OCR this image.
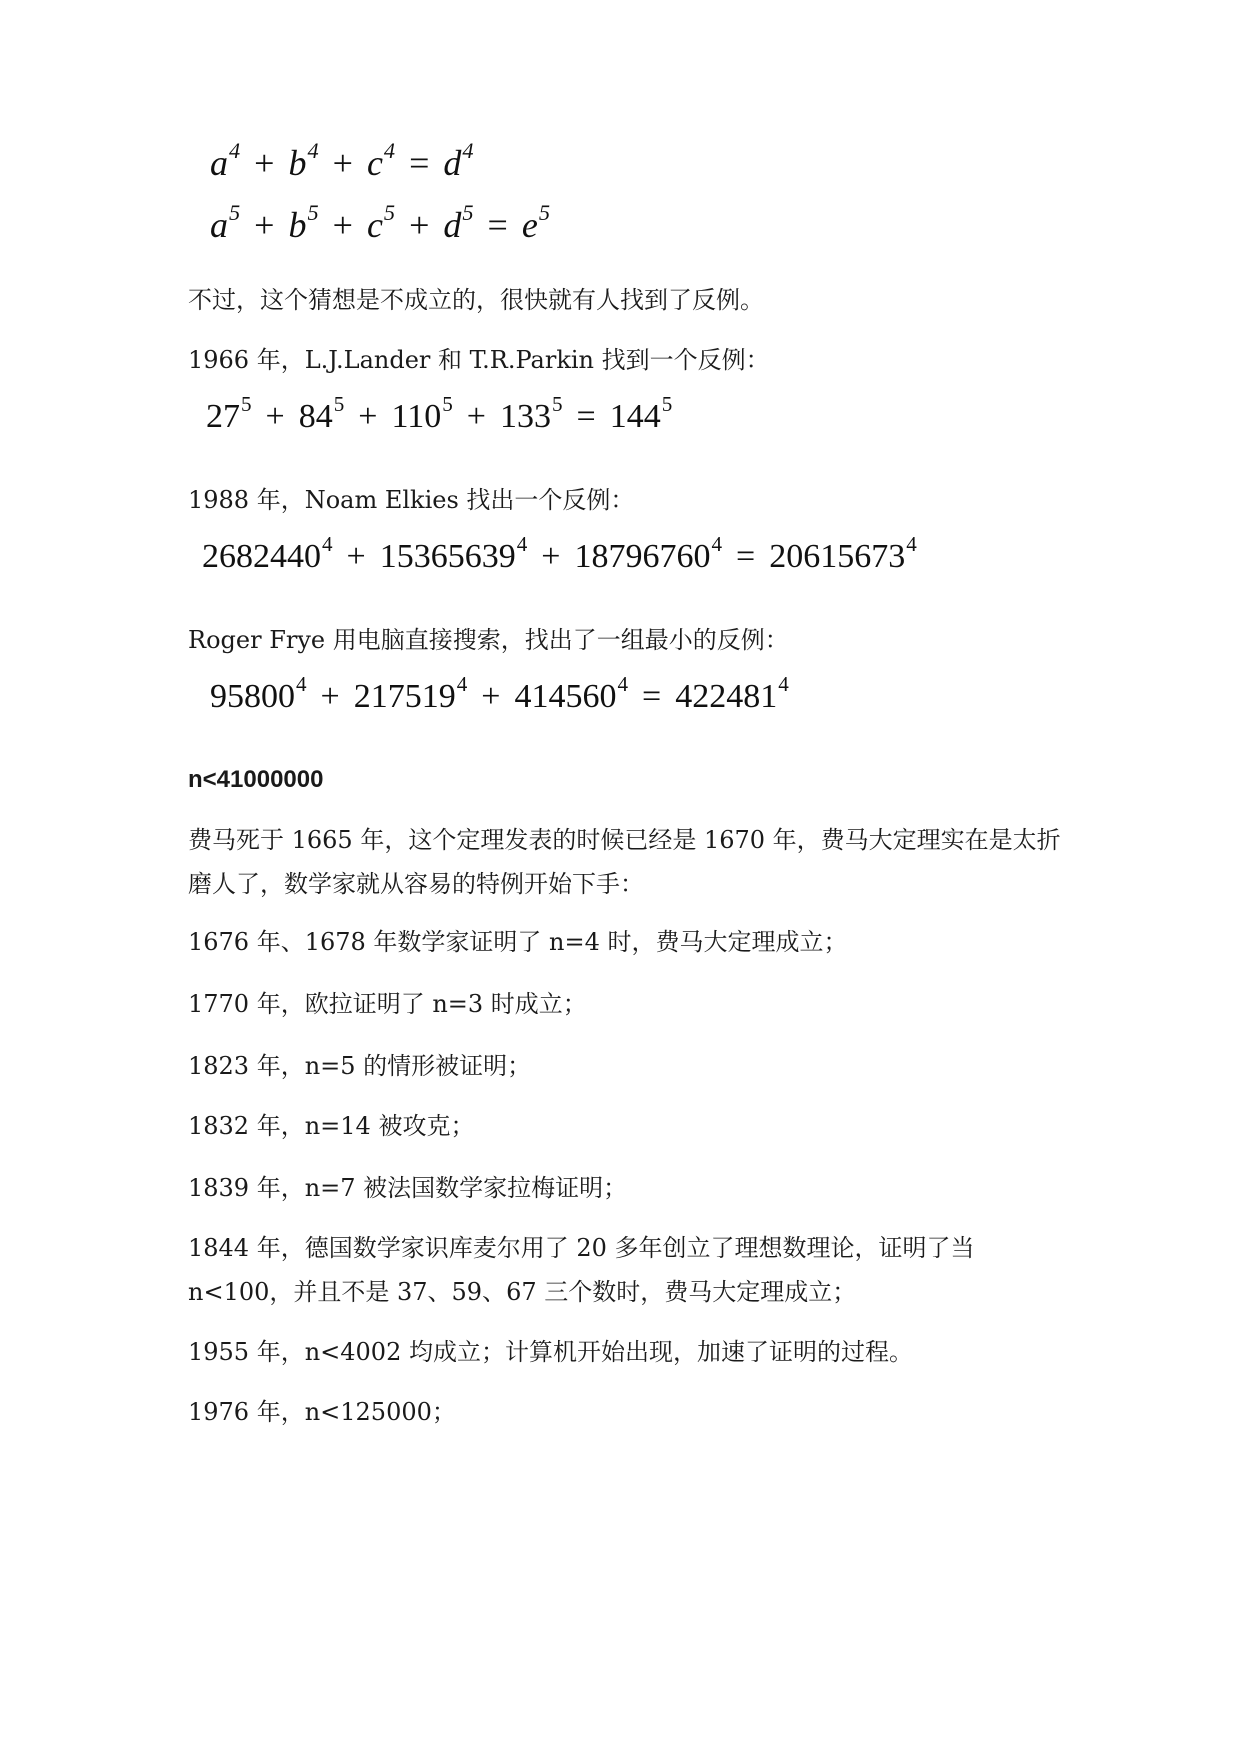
$a^4 + b^4 + c^4 = d^4$
$a^5 + b^5 + c^5 + d^5 = e^5$
不过，这个猜想是不成立的，很快就有人找到了反例。
1966 年，L.J.Lander 和 T.R.Parkin 找到一个反例：
$27^5 + 84^5 + 110^5 + 133^5 = 144^5$
1988 年，Noam Elkies 找出一个反例：
$2682440^4 + 15365639^4 + 18796760^4 = 20615673^4$
Roger Frye 用电脑直接搜索，找出了一组最小的反例：
$95800^4 + 217519^4 + 414560^4 = 422481^4$
n<41000000
费马死于 1665 年，这个定理发表的时候已经是 1670 年，费马大定理实在是太折磨人了，数学家就从容易的特例开始下手：
1676 年、1678 年数学家证明了 n=4 时，费马大定理成立；
1770 年，欧拉证明了 n=3 时成立；
1823 年，n=5 的情形被证明；
1832 年，n=14 被攻克；
1839 年，n=7 被法国数学家拉梅证明；
1844 年，德国数学家识库麦尔用了 20 多年创立了理想数理论，证明了当 n<100，并且不是 37、59、67 三个数时，费马大定理成立；
1955 年，n<4002 均成立；计算机开始出现，加速了证明的过程。
1976 年，n<125000；
